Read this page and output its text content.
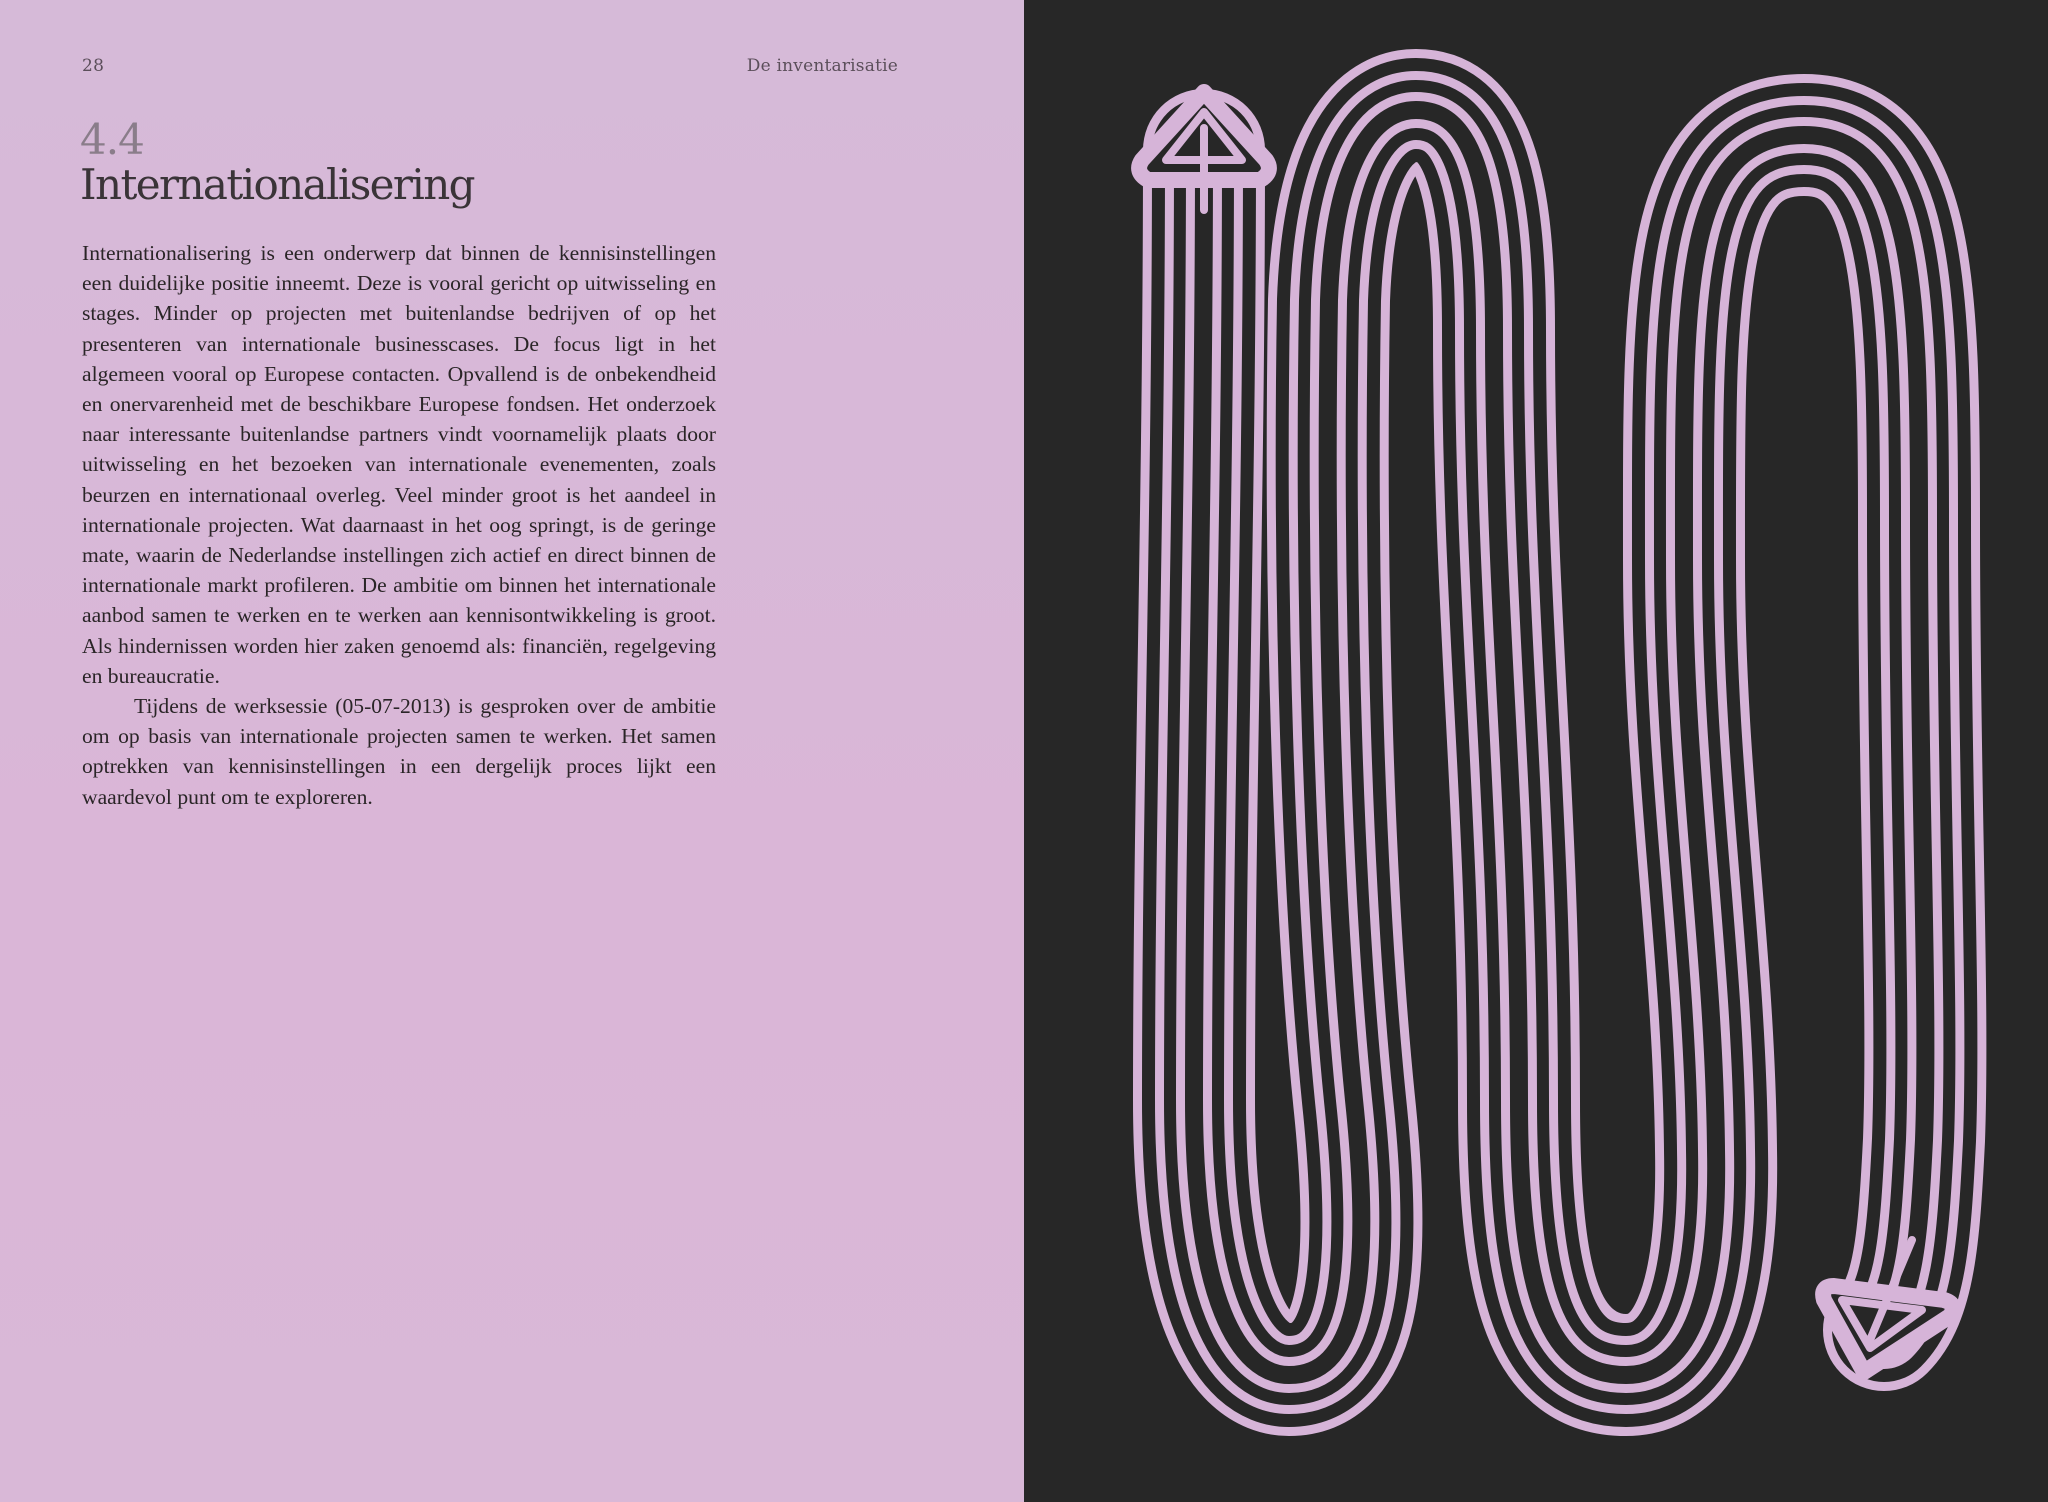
28	De inventarisatie
4.4
Internationalisering

Internationalisering is een onderwerp dat binnen de kennisinstellingen een duidelijke positie inneemt. Deze is vooral gericht op uitwisseling en stages. Minder op projecten met buitenlandse bedrijven of op het presenteren van internationale businesscases. De focus ligt in het algemeen vooral op Europese contacten. Opvallend is de onbekendheid en onervarenheid met de beschikbare Europese fondsen. Het onderzoek naar interessante buitenlandse partners vindt voornamelijk plaats door uitwisseling en het bezoeken van internationale evenementen, zoals beurzen en internationaal overleg. Veel minder groot is het aandeel in internationale projecten. Wat daarnaast in het oog springt, is de geringe mate, waarin de Nederlandse instellingen zich actief en direct binnen de internationale markt profileren. De ambitie om binnen het internationale aanbod samen te werken en te werken aan kennisontwikkeling is groot. Als hindernissen worden hier zaken genoemd als: financiën, regelgeving en bureaucratie.

Tijdens de werksessie (05-07-2013) is gesproken over de ambitie om op basis van internationale projecten samen te werken. Het samen optrekken van kennisinstellingen in een dergelijk proces lijkt een waardevol punt om te exploreren.
